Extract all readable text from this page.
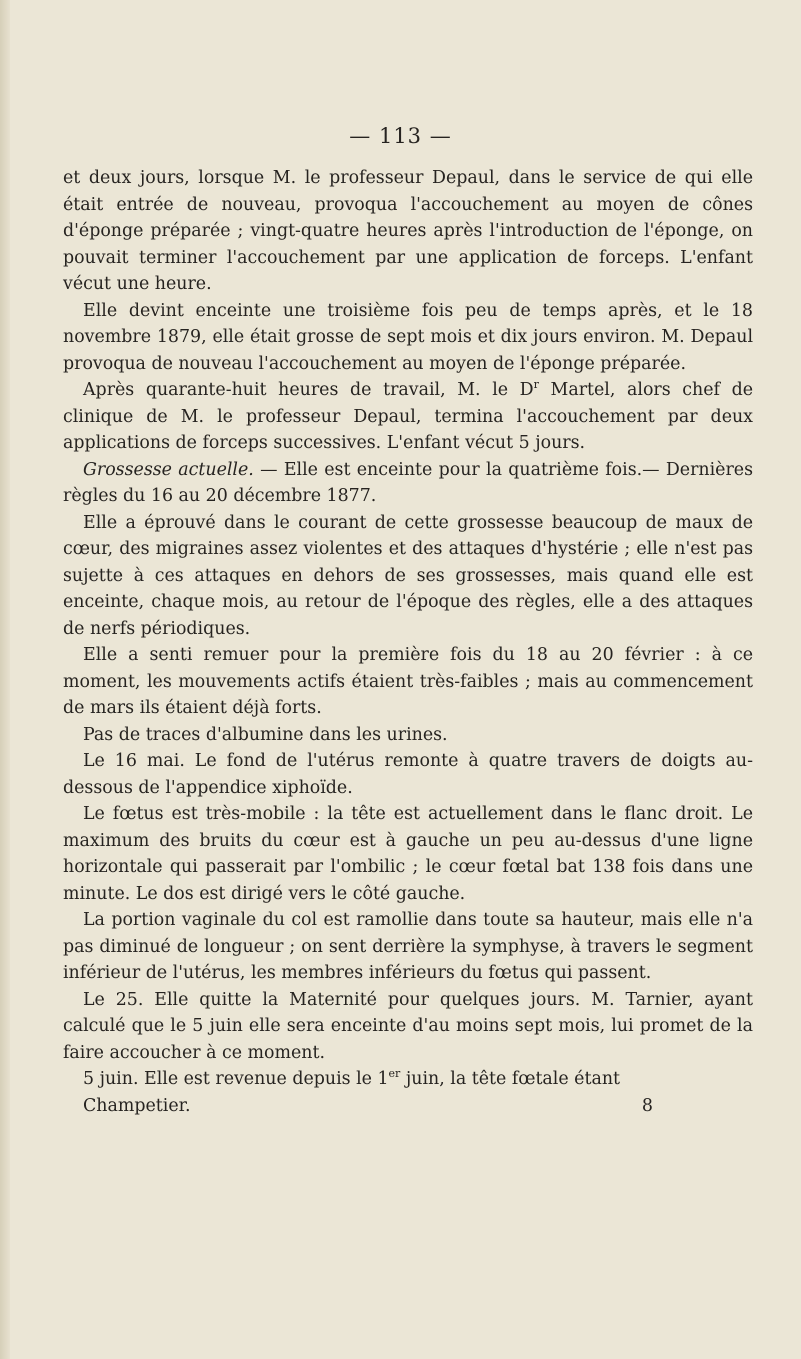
— 113 —

et deux jours, lorsque M. le professeur Depaul, dans le service de qui elle était entrée de nouveau, provoqua l'accouchement au moyen de cônes d'éponge préparée ; vingt-quatre heures après l'introduction de l'éponge, on pouvait terminer l'accouchement par une application de forceps. L'enfant vécut une heure.

Elle devint enceinte une troisième fois peu de temps après, et le 18 novembre 1879, elle était grosse de sept mois et dix jours environ. M. Depaul provoqua de nouveau l'accouchement au moyen de l'éponge préparée.

Après quarante-huit heures de travail, M. le $D^r$ Martel, alors chef de clinique de M. le professeur Depaul, termina l'accouchement par deux applications de forceps successives. L'enfant vécut 5 jours.

Grossesse actuelle. — Elle est enceinte pour la quatrième fois.— Dernières règles du 16 au 20 décembre 1877.

Elle a éprouvé dans le courant de cette grossesse beaucoup de maux de cœur, des migraines assez violentes et des attaques d'hystérie ; elle n'est pas sujette à ces attaques en dehors de ses grossesses, mais quand elle est enceinte, chaque mois, au retour de l'époque des règles, elle a des attaques de nerfs périodiques.

Elle a senti remuer pour la première fois du 18 au 20 février : à ce moment, les mouvements actifs étaient très-faibles ; mais au commencement de mars ils étaient déjà forts.

Pas de traces d'albumine dans les urines.

Le 16 mai. Le fond de l'utérus remonte à quatre travers de doigts au-dessous de l'appendice xiphoïde.

Le fœtus est très-mobile : la tête est actuellement dans le flanc droit. Le maximum des bruits du cœur est à gauche un peu au-dessus d'une ligne horizontale qui passerait par l'ombilic ; le cœur fœtal bat 138 fois dans une minute. Le dos est dirigé vers le côté gauche.

La portion vaginale du col est ramollie dans toute sa hauteur, mais elle n'a pas diminué de longueur ; on sent derrière la symphyse, à travers le segment inférieur de l'utérus, les membres inférieurs du fœtus qui passent.

Le 25. Elle quitte la Maternité pour quelques jours. M. Tarnier, ayant calculé que le 5 juin elle sera enceinte d'au moins sept mois, lui promet de la faire accoucher à ce moment.

5 juin. Elle est revenue depuis le 1er juin, la tête fœtale étant

Champetier.	8
